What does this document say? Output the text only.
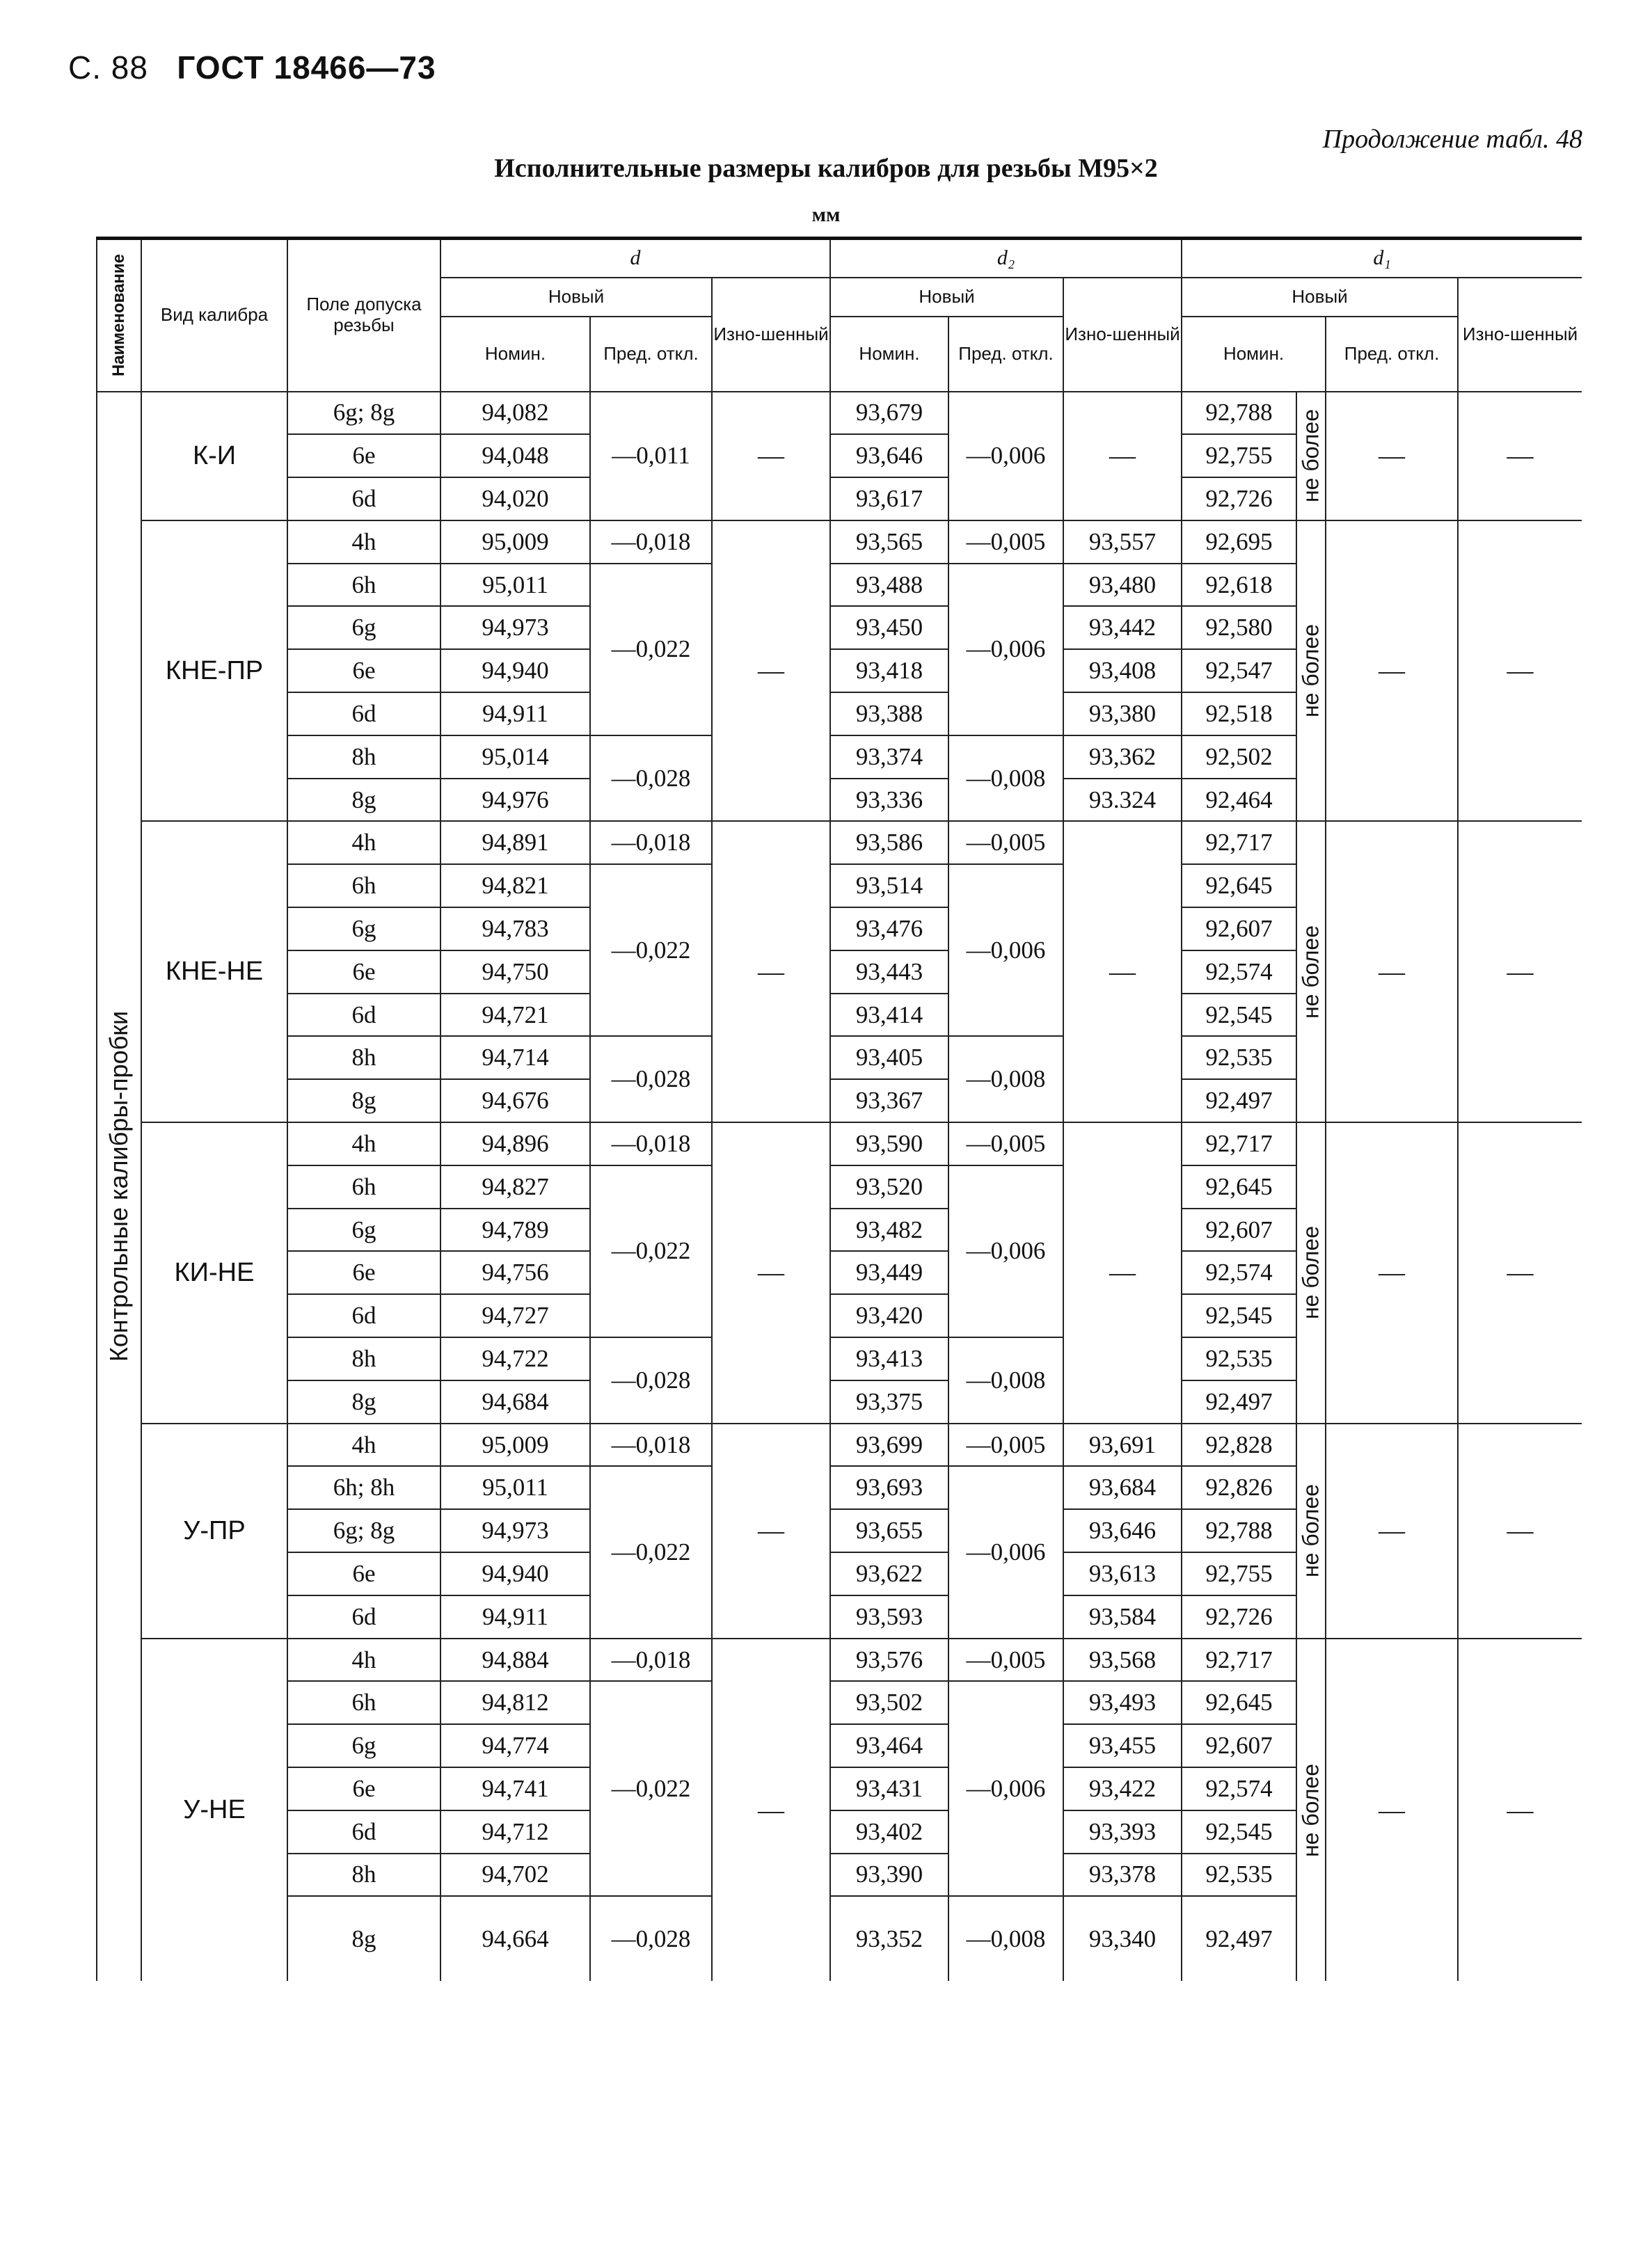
С. 88 ГОСТ 18466—73
Продолжение табл. 48
Исполнительные размеры калибров для резьбы М95×2
мм
Наименование	Вид калибра	Поле допуска резьбы	d			d₂			d₁			
			Новый		Изно-шенный	Новый		Изно-шенный	Новый			Изно-шенный
			Номин.	Пред. откл.		Номин.	Пред. откл.		Номин.		Пред. откл.	

Контрольные калибры-пробки	К-И	6g; 8g	94,082	—0,011	—	93,679	—0,006	—	92,788	не более	—	—
		6e	94,048			93,646			92,755			
		6d	94,020			93,617			92,726			
	КНЕ-ПР	4h	95,009	—0,018	—	93,565	—0,005	93,557	92,695	не более	—	—
		6h	95,011	—0,022		93,488	—0,006	93,480	92,618			
		6g	94,973			93,450		93,442	92,580			
		6e	94,940			93,418		93,408	92,547			
		6d	94,911			93,388		93,380	92,518			
		8h	95,014	—0,028		93,374	—0,008	93,362	92,502			
		8g	94,976			93,336		93.324	92,464			
	КНЕ-НЕ	4h	94,891	—0,018	—	93,586	—0,005	—	92,717	не более	—	—
		6h	94,821	—0,022		93,514	—0,006		92,645			
		6g	94,783			93,476			92,607			
		6e	94,750			93,443			92,574			
		6d	94,721			93,414			92,545			
		8h	94,714	—0,028		93,405	—0,008		92,535			
		8g	94,676			93,367			92,497			
	КИ-НЕ	4h	94,896	—0,018	—	93,590	—0,005	—	92,717	не более	—	—
		6h	94,827	—0,022		93,520	—0,006		92,645			
		6g	94,789			93,482			92,607			
		6e	94,756			93,449			92,574			
		6d	94,727			93,420			92,545			
		8h	94,722	—0,028		93,413	—0,008		92,535			
		8g	94,684			93,375			92,497			
	У-ПР	4h	95,009	—0,018	—	93,699	—0,005	93,691	92,828	не более	—	—
		6h; 8h	95,011	—0,022		93,693	—0,006	93,684	92,826			
		6g; 8g	94,973			93,655		93,646	92,788			
		6e	94,940			93,622		93,613	92,755			
		6d	94,911			93,593		93,584	92,726			
	У-НЕ	4h	94,884	—0,018	—	93,576	—0,005	93,568	92,717	не более	—	—
		6h	94,812	—0,022		93,502	—0,006	93,493	92,645			
		6g	94,774			93,464		93,455	92,607			
		6e	94,741			93,431		93,422	92,574			
		6d	94,712			93,402		93,393	92,545			
		8h	94,702			93,390		93,378	92,535			
		8g	94,664	—0,028		93,352	—0,008	93,340	92,497			
